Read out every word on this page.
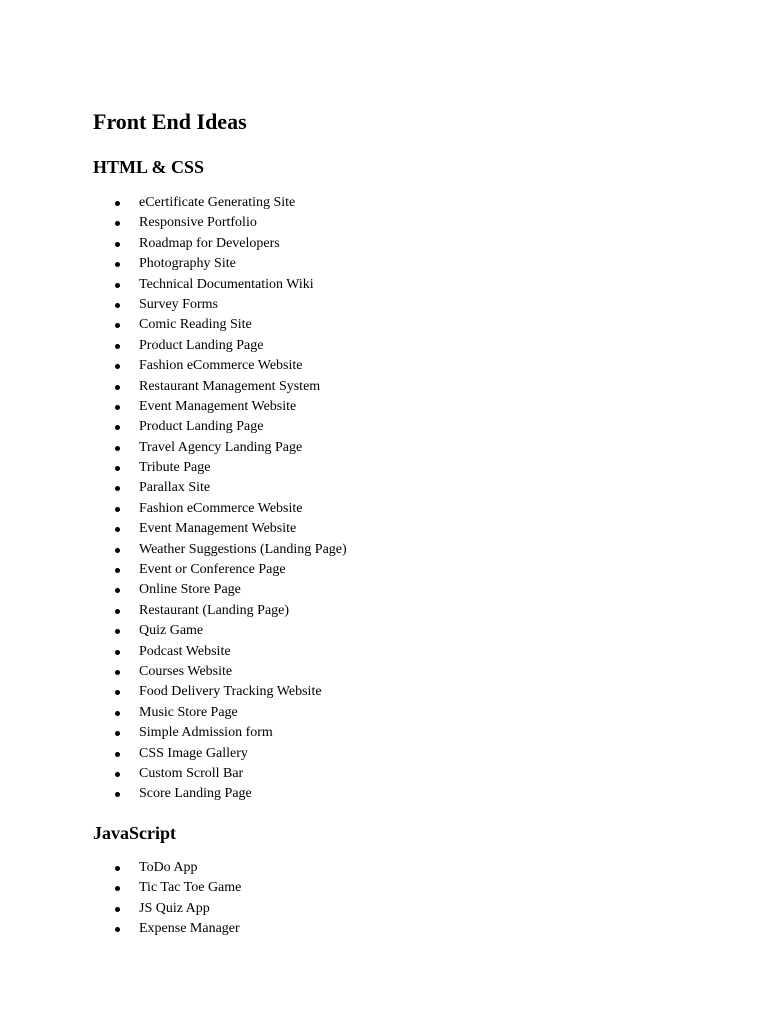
Front End Ideas
HTML & CSS
eCertificate Generating Site
Responsive Portfolio
Roadmap for Developers
Photography Site
Technical Documentation Wiki
Survey Forms
Comic Reading Site
Product Landing Page
Fashion eCommerce Website
Restaurant Management System
Event Management Website
Product Landing Page
Travel Agency Landing Page
Tribute Page
Parallax Site
Fashion eCommerce Website
Event Management Website
Weather Suggestions (Landing Page)
Event or Conference Page
Online Store Page
Restaurant (Landing Page)
Quiz Game
Podcast Website
Courses Website
Food Delivery Tracking Website
Music Store Page
Simple Admission form
CSS Image Gallery
Custom Scroll Bar
Score Landing Page
JavaScript
ToDo App
Tic Tac Toe Game
JS Quiz App
Expense Manager
